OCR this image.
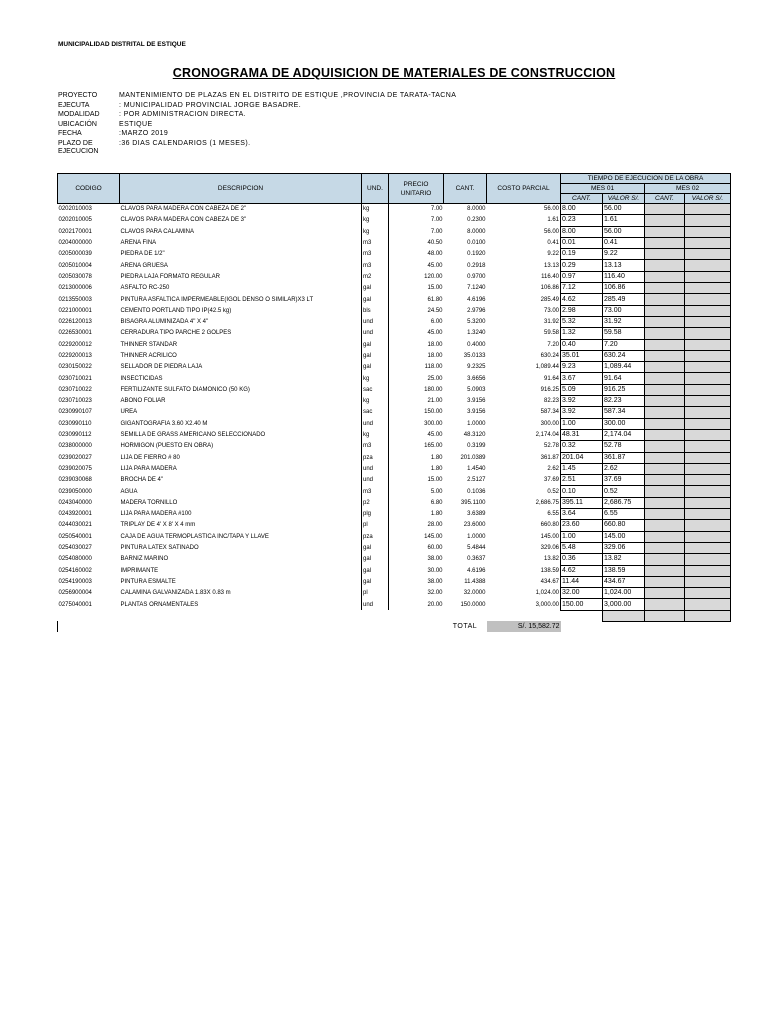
MUNICIPALIDAD DISTRITAL DE ESTIQUE
CRONOGRAMA DE ADQUISICION DE MATERIALES DE CONSTRUCCION
PROYECTO	MANTENIMIENTO DE PLAZAS EN EL DISTRITO DE ESTIQUE ,PROVINCIA DE TARATA-TACNA
EJECUTA	: MUNICIPALIDAD PROVINCIAL JORGE BASADRE.
MODALIDAD	: POR ADMINISTRACION DIRECTA.
UBICACIÓN	ESTIQUE
FECHA	:MARZO 2019
PLAZO DE EJECUCION
:36 DIAS CALENDARIOS (1 MESES).
CODIGO	DESCRIPCION	UND.	PRECIO UNITARIO	CANT.	COSTO PARCIAL	TIEMPO DE EJECUCION DE LA OBRA			
						MES 01		MES 02	
						CANT.	VALOR S/.	CANT.	VALOR S/.
0202010003	CLAVOS PARA MADERA CON CABEZA DE 2"	kg	7.00	8.0000	56.00	8.00	56.00		
0202010005	CLAVOS PARA MADERA CON CABEZA DE 3"	kg	7.00	0.2300	1.61	0.23	1.61		
0202170001	CLAVOS PARA CALAMINA	kg	7.00	8.0000	56.00	8.00	56.00		
0204000000	ARENA FINA	m3	40.50	0.0100	0.41	0.01	0.41		
0205000039	PIEDRA DE 1/2"	m3	48.00	0.1920	9.22	0.19	9.22		
0205010004	ARENA GRUESA	m3	45.00	0.2918	13.13	0.29	13.13		
0205030078	PIEDRA LAJA FORMATO REGULAR	m2	120.00	0.9700	116.40	0.97	116.40		
0213000006	ASFALTO RC-250	gal	15.00	7.1240	106.86	7.12	106.86		
0213550003	PINTURA ASFALTICA IMPERMEABLE(IGOL DENSO O SIMILAR)X3 LT	gal	61.80	4.6196	285.49	4.62	285.49		
0221000001	CEMENTO PORTLAND TIPO IP(42.5 kg)	bls	24.50	2.9796	73.00	2.98	73.00		
0226120013	BISAGRA ALUMINIZADA 4" X 4"	und	6.00	5.3200	31.92	5.32	31.92		
0226530001	CERRADURA TIPO PARCHE 2 GOLPES	und	45.00	1.3240	59.58	1.32	59.58		
0229200012	THINNER STANDAR	gal	18.00	0.4000	7.20	0.40	7.20		
0229200013	THINNER ACRILICO	gal	18.00	35.0133	630.24	35.01	630.24		
0230150022	SELLADOR DE PIEDRA LAJA	gal	118.00	9.2325	1,089.44	9.23	1,089.44		
0230710021	INSECTICIDAS	kg	25.00	3.6656	91.64	3.67	91.64		
0230710022	FERTILIZANTE SULFATO DIAMONICO (50 KG)	sac	180.00	5.0903	916.25	5.09	916.25		
0230710023	ABONO FOLIAR	kg	21.00	3.9156	82.23	3.92	82.23		
0230990107	UREA	sac	150.00	3.9156	587.34	3.92	587.34		
0230990110	GIGANTOGRAFIA 3.60 X2.40 M	und	300.00	1.0000	300.00	1.00	300.00		
0230990112	SEMILLA DE GRASS AMERICANO SELECCIONADO	kg	45.00	48.3120	2,174.04	48.31	2,174.04		
0238000000	HORMIGON (PUESTO EN OBRA)	m3	165.00	0.3199	52.78	0.32	52.78		
0239020027	LIJA DE FIERRO # 80	pza	1.80	201.0389	361.87	201.04	361.87		
0239020075	LIJA PARA MADERA	und	1.80	1.4540	2.62	1.45	2.62		
0239030068	BROCHA DE 4"	und	15.00	2.5127	37.69	2.51	37.69		
0239050000	AGUA	m3	5.00	0.1036	0.52	0.10	0.52		
0243040000	MADERA TORNILLO	p2	6.80	395.1100	2,686.75	395.11	2,686.75		
0243920001	LIJA PARA MADERA #100	plg	1.80	3.6389	6.55	3.64	6.55		
0244030021	TRIPLAY DE 4' X 8' X 4 mm	pl	28.00	23.6000	660.80	23.60	660.80		
0250540001	CAJA DE AGUA TERMOPLASTICA INC/TAPA Y LLAVE	pza	145.00	1.0000	145.00	1.00	145.00		
0254030027	PINTURA LATEX SATINADO	gal	60.00	5.4844	329.06	5.48	329.06		
0254080000	BARNIZ MARINO	gal	38.00	0.3637	13.82	0.36	13.82		
0254160002	IMPRIMANTE	gal	30.00	4.6196	138.59	4.62	138.59		
0254190003	PINTURA ESMALTE	gal	38.00	11.4388	434.67	11.44	434.67		
0256900004	CALAMINA GALVANIZADA 1.83X 0.83 m	pl	32.00	32.0000	1,024.00	32.00	1,024.00		
0275040001	PLANTAS ORNAMENTALES	und	20.00	150.0000	3,000.00	150.00	3,000.00		

				TOTAL	S/. 15,582.72				
